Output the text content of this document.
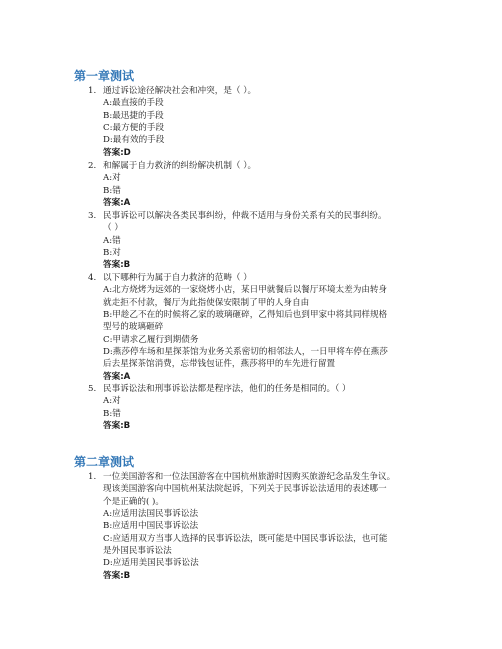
第一章测试
1. 通过诉讼途径解决社会和冲突，是（ ）。
A:最直接的手段
B:最迅捷的手段
C:最方便的手段
D:最有效的手段
答案:D
2. 和解属于自力救济的纠纷解决机制（ ）。
A:对
B:错
答案:A
3. 民事诉讼可以解决各类民事纠纷，仲裁不适用与身份关系有关的民事纠纷。
（ ）
A:错
B:对
答案:B
4. 以下哪种行为属于自力救济的范畴（ ）
A:北方烧烤为远郊的一家烧烤小店，某日甲就餐后以餐厅环境太差为由转身
就走拒不付款，餐厅为此指使保安限制了甲的人身自由
B:甲趁乙不在的时候将乙家的玻璃砸碎，乙得知后也到甲家中将其同样规格
型号的玻璃砸碎
C:甲请求乙履行到期债务
D:燕莎停车场和星探茶馆为业务关系密切的相邻法人，一日甲将车停在燕莎
后去星探茶馆消费，忘带钱包证件，燕莎将甲的车先进行留置
答案:A
5. 民事诉讼法和刑事诉讼法都是程序法，他们的任务是相同的。（ ）
A:对
B:错
答案:B
第二章测试
1. 一位美国游客和一位法国游客在中国杭州旅游时因购买旅游纪念品发生争议。
现该美国游客向中国杭州某法院起诉，下列关于民事诉讼法适用的表述哪一
个是正确的( )。
A:应适用法国民事诉讼法
B:应适用中国民事诉讼法
C:应适用双方当事人选择的民事诉讼法，既可能是中国民事诉讼法，也可能
是外国民事诉讼法
D:应适用美国民事诉讼法
答案:B
